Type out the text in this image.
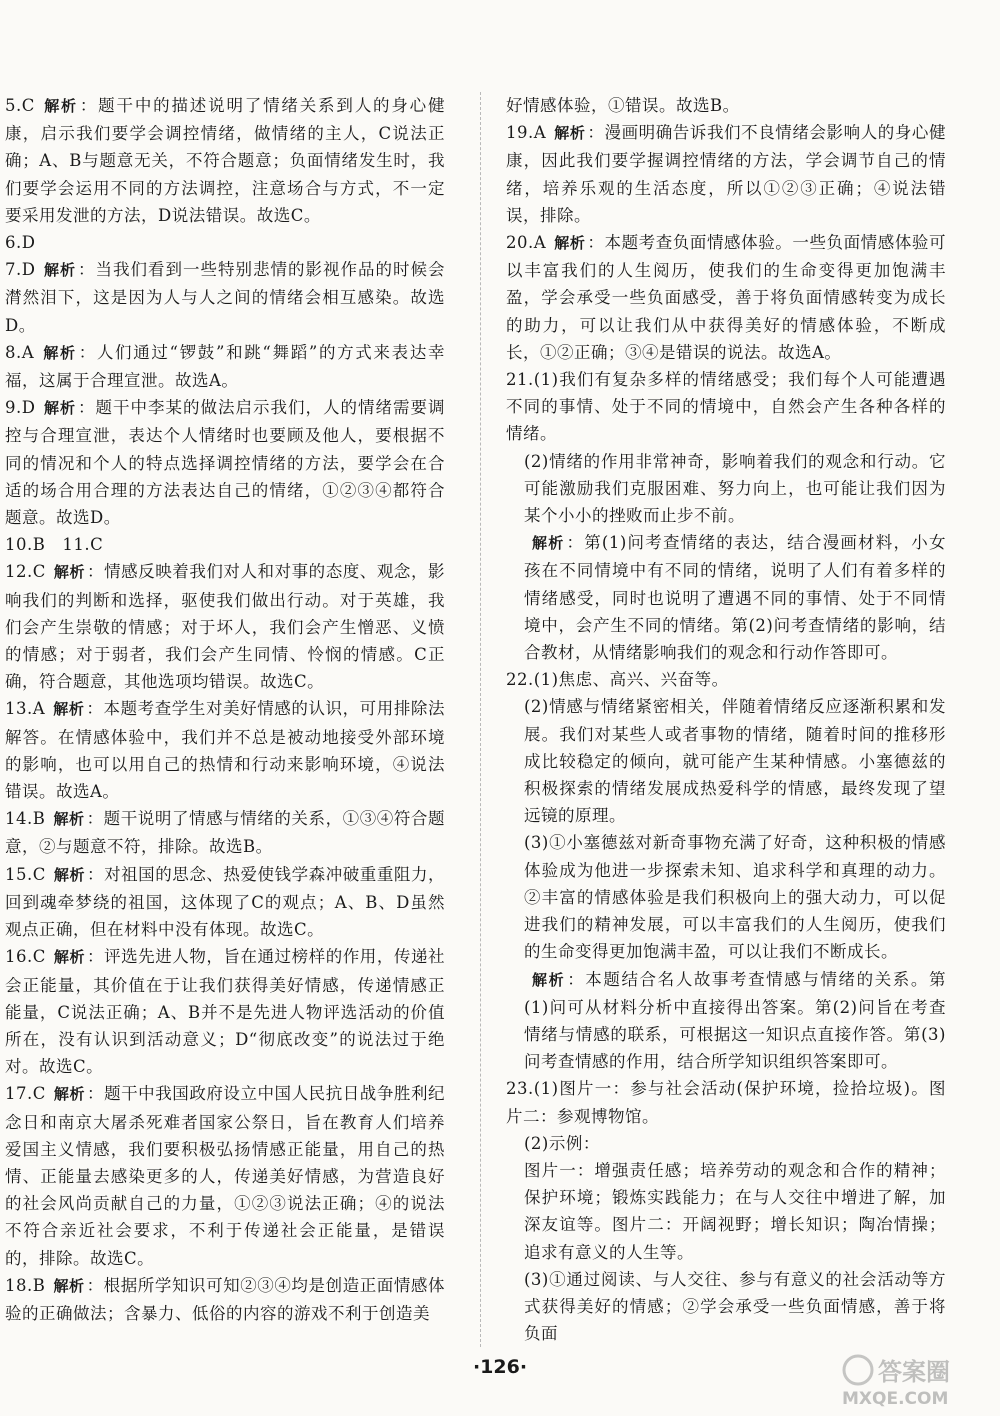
5.C 解析 ：题干中的描述说明了情绪关系到人的身心健康，启示我们要学会调控情绪，做情绪的主人，C说法正确；A、B与题意无关，不符合题意；负面情绪发生时，我们要学会运用不同的方法调控，注意场合与方式，不一定要采用发泄的方法，D说法错误。故选C。

6.D

7.D 解析 ：当我们看到一些特别悲情的影视作品的时候会潸然泪下，这是因为人与人之间的情绪会相互感染。故选D。

8.A 解析 ：人们通过“锣鼓”和跳“舞蹈”的方式来表达幸福，这属于合理宣泄。故选A。

9.D 解析 ：题干中李某的做法启示我们，人的情绪需要调控与合理宣泄，表达个人情绪时也要顾及他人，要根据不同的情况和个人的特点选择调控情绪的方法，要学会在合适的场合用合理的方法表达自己的情绪，①②③④都符合题意。故选D。

10.B　11.C

12.C 解析 ：情感反映着我们对人和对事的态度、观念，影响我们的判断和选择，驱使我们做出行动。对于英雄，我们会产生崇敬的情感；对于坏人，我们会产生憎恶、义愤的情感；对于弱者，我们会产生同情、怜悯的情感。C正确，符合题意，其他选项均错误。故选C。

13.A 解析 ：本题考查学生对美好情感的认识，可用排除法解答。在情感体验中，我们并不总是被动地接受外部环境的影响，也可以用自己的热情和行动来影响环境，④说法错误。故选A。

14.B 解析 ：题干说明了情感与情绪的关系，①③④符合题意，②与题意不符，排除。故选B。

15.C 解析 ：对祖国的思念、热爱使钱学森冲破重重阻力，回到魂牵梦绕的祖国，这体现了C的观点；A、B、D虽然观点正确，但在材料中没有体现。故选C。

16.C 解析 ：评选先进人物，旨在通过榜样的作用，传递社会正能量，其价值在于让我们获得美好情感，传递情感正能量，C说法正确；A、B并不是先进人物评选活动的价值所在，没有认识到活动意义；D“彻底改变”的说法过于绝对。故选C。

17.C 解析 ：题干中我国政府设立中国人民抗日战争胜利纪念日和南京大屠杀死难者国家公祭日，旨在教育人们培养爱国主义情感，我们要积极弘扬情感正能量，用自己的热情、正能量去感染更多的人，传递美好情感，为营造良好的社会风尚贡献自己的力量，①②③说法正确；④的说法不符合亲近社会要求，不利于传递社会正能量，是错误的，排除。故选C。

18.B 解析 ：根据所学知识可知②③④均是创造正面情感体验的正确做法；含暴力、低俗的内容的游戏不利于创造美

好情感体验，①错误。故选B。

19.A 解析 ：漫画明确告诉我们不良情绪会影响人的身心健康，因此我们要学握调控情绪的方法，学会调节自己的情绪，培养乐观的生活态度，所以①②③正确；④说法错误，排除。

20.A 解析 ：本题考查负面情感体验。一些负面情感体验可以丰富我们的人生阅历，使我们的生命变得更加饱满丰盈，学会承受一些负面感受，善于将负面情感转变为成长的助力，可以让我们从中获得美好的情感体验，不断成长，①②正确；③④是错误的说法。故选A。

21.(1)我们有复杂多样的情绪感受；我们每个人可能遭遇不同的事情、处于不同的情境中，自然会产生各种各样的情绪。

(2)情绪的作用非常神奇，影响着我们的观念和行动。它可能激励我们克服困难、努力向上，也可能让我们因为某个小小的挫败而止步不前。

解析 ：第(1)问考查情绪的表达，结合漫画材料，小女孩在不同情境中有不同的情绪，说明了人们有着多样的情绪感受，同时也说明了遭遇不同的事情、处于不同情境中，会产生不同的情绪。第(2)问考查情绪的影响，结合教材，从情绪影响我们的观念和行动作答即可。

22.(1)焦虑、高兴、兴奋等。

(2)情感与情绪紧密相关，伴随着情绪反应逐渐积累和发展。我们对某些人或者事物的情绪，随着时间的推移形成比较稳定的倾向，就可能产生某种情感。小塞德兹的积极探索的情绪发展成热爱科学的情感，最终发现了望远镜的原理。

(3)①小塞德兹对新奇事物充满了好奇，这种积极的情感体验成为他进一步探索未知、追求科学和真理的动力。②丰富的情感体验是我们积极向上的强大动力，可以促进我们的精神发展，可以丰富我们的人生阅历，使我们的生命变得更加饱满丰盈，可以让我们不断成长。

解析 ：本题结合名人故事考查情感与情绪的关系。第(1)问可从材料分析中直接得出答案。第(2)问旨在考查情绪与情感的联系，可根据这一知识点直接作答。第(3)问考查情感的作用，结合所学知识组织答案即可。

23.(1)图片一：参与社会活动(保护环境，捡拾垃圾)。图片二：参观博物馆。

(2)示例：

图片一：增强责任感；培养劳动的观念和合作的精神；保护环境；锻炼实践能力；在与人交往中增进了解，加深友谊等。图片二：开阔视野；增长知识；陶冶情操；追求有意义的人生等。

(3)①通过阅读、与人交往、参与有意义的社会活动等方式获得美好的情感；②学会承受一些负面情感，善于将负面

·126·	答案圈
MXQE.COM
